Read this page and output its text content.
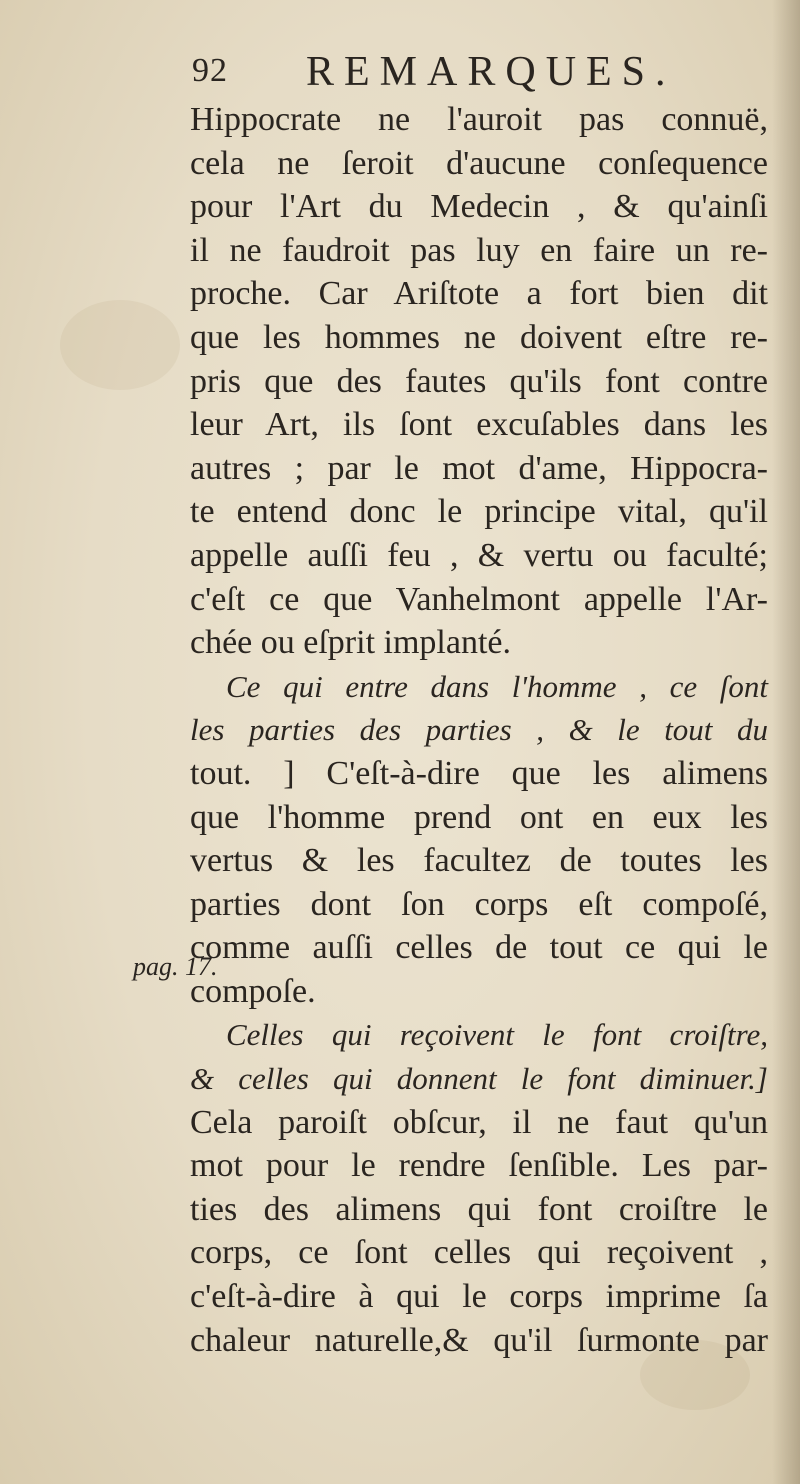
92 REMARQUES.
pag. 17.
Hippocrate ne l'auroit pas connuë,
cela ne ſeroit d'aucune conſequence
pour l'Art du Medecin , & qu'ainſi
il ne faudroit pas luy en faire un re-
proche. Car Ariſtote a fort bien dit
que les hommes ne doivent eſtre re-
pris que des fautes qu'ils font contre
leur Art, ils ſont excuſables dans les
autres ; par le mot d'ame, Hippocra-
te entend donc le principe vital, qu'il
appelle auſſi feu , & vertu ou faculté;
c'eſt ce que Vanhelmont appelle l'Ar-
chée ou eſprit implanté.
Ce qui entre dans l'homme , ce ſont
les parties des parties , & le tout du
tout. ] C'eſt-à-dire que les alimens
que l'homme prend ont en eux les
vertus & les facultez de toutes les
parties dont ſon corps eſt compoſé,
comme auſſi celles de tout ce qui le
compoſe.
Celles qui reçoivent le font croiſtre,
& celles qui donnent le font diminuer.]
Cela paroiſt obſcur, il ne faut qu'un
mot pour le rendre ſenſible. Les par-
ties des alimens qui font croiſtre le
corps, ce ſont celles qui reçoivent ,
c'eſt-à-dire à qui le corps imprime ſa
chaleur naturelle,& qu'il ſurmonte par
